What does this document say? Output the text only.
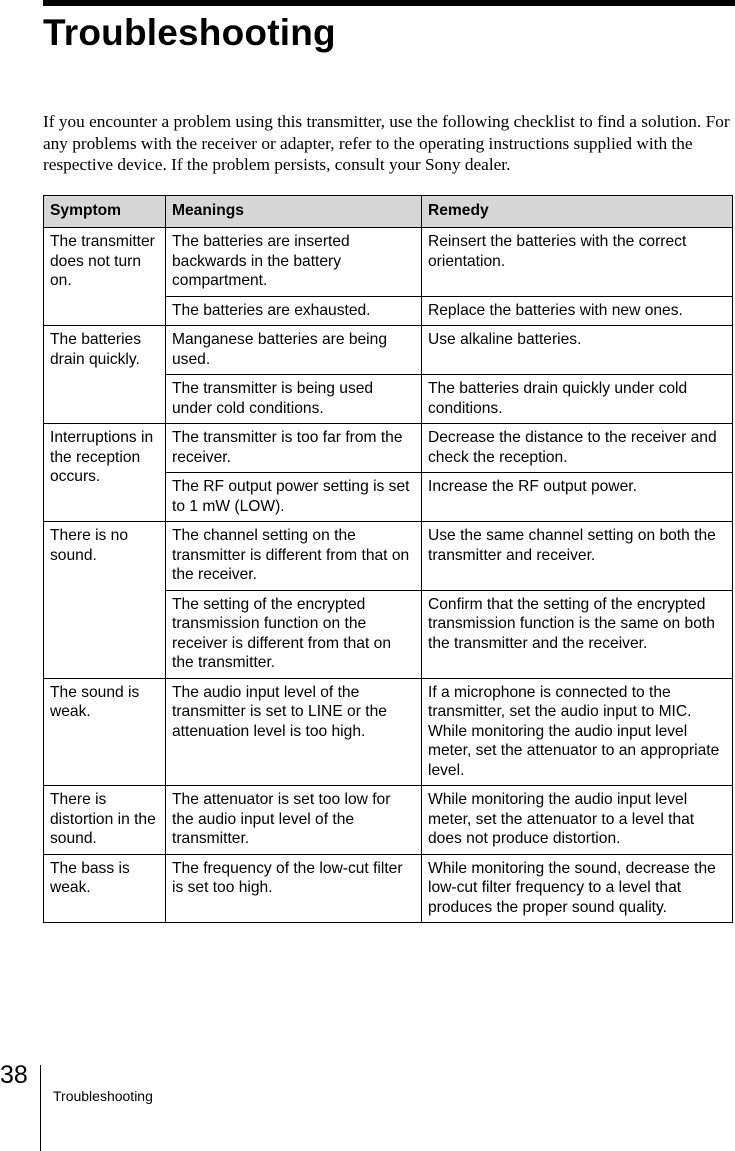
Troubleshooting

If you encounter a problem using this transmitter, use the following checklist to find a solution. For any problems with the receiver or adapter, refer to the operating instructions supplied with the respective device. If the problem persists, consult your Sony dealer.

Symptom	Meanings	Remedy
The transmitter does not turn on.	The batteries are inserted backwards in the battery compartment.	Reinsert the batteries with the correct orientation.
	The batteries are exhausted.	Replace the batteries with new ones.
The batteries drain quickly.	Manganese batteries are being used.	Use alkaline batteries.
	The transmitter is being used under cold conditions.	The batteries drain quickly under cold conditions.
Interruptions in the reception occurs.	The transmitter is too far from the receiver.	Decrease the distance to the receiver and check the reception.
	The RF output power setting is set to 1 mW (LOW).	Increase the RF output power.
There is no sound.	The channel setting on the transmitter is different from that on the receiver.	Use the same channel setting on both the transmitter and receiver.
	The setting of the encrypted transmission function on the receiver is different from that on the transmitter.	Confirm that the setting of the encrypted transmission function is the same on both the transmitter and the receiver.
The sound is weak.	The audio input level of the transmitter is set to LINE or the attenuation level is too high.	If a microphone is connected to the transmitter, set the audio input to MIC. While monitoring the audio input level meter, set the attenuator to an appropriate level.
There is distortion in the sound.	The attenuator is set too low for the audio input level of the transmitter.	While monitoring the audio input level meter, set the attenuator to a level that does not produce distortion.
The bass is weak.	The frequency of the low-cut filter is set too high.	While monitoring the sound, decrease the low-cut filter frequency to a level that produces the proper sound quality.
38
Troubleshooting
